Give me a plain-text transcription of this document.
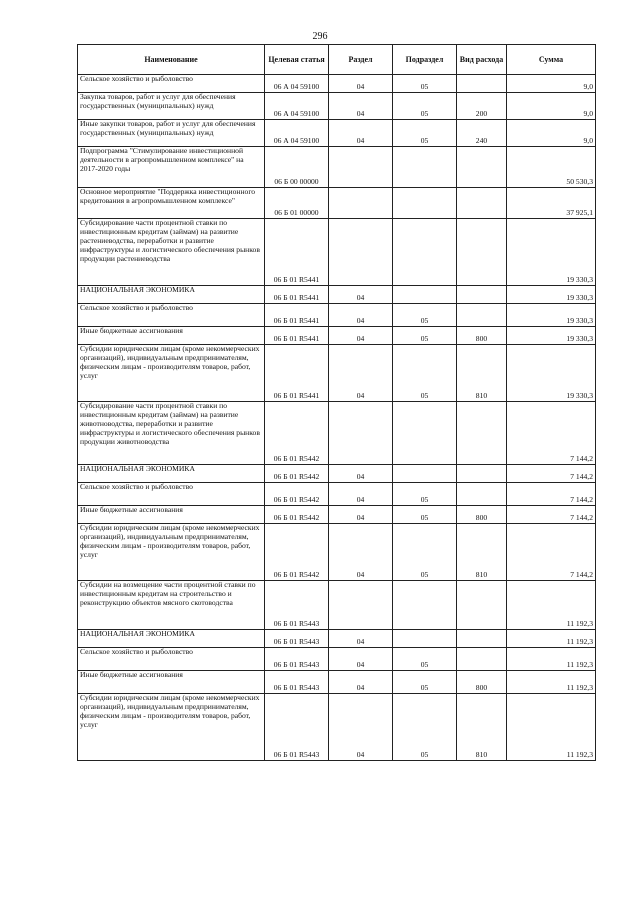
296
Наименование	Целевая статья	Раздел	Подраздел	Вид расхода	Сумма
Сельское хозяйство и рыболовство	06 А 04 59100	04	05		9,0
Закупка товаров, работ и услуг для обеспечения государственных (муниципальных) нужд	06 А 04 59100	04	05	200	9,0
Иные закупки товаров, работ и услуг для обеспечения государственных (муниципальных) нужд	06 А 04 59100	04	05	240	9,0
Подпрограмма "Стимулирование инвестиционной деятельности в агропромышленном комплексе" на 2017-2020 годы	06 Б 00 00000				50 530,3
Основное мероприятие "Поддержка инвестиционного кредитования в агропромышленном комплексе"	06 Б 01 00000				37 925,1
Субсидирование части процентной ставки по инвестиционным кредитам (займам) на развитие растениеводства, переработки и развитие инфраструктуры и логистического обеспечения рынков продукции растениеводства	06 Б 01 R5441				19 330,3
НАЦИОНАЛЬНАЯ ЭКОНОМИКА	06 Б 01 R5441	04			19 330,3
Сельское хозяйство и рыболовство	06 Б 01 R5441	04	05		19 330,3
Иные бюджетные ассигнования	06 Б 01 R5441	04	05	800	19 330,3
Субсидии юридическим лицам (кроме некоммерческих организаций), индивидуальным предпринимателям, физическим лицам - производителям товаров, работ, услуг	06 Б 01 R5441	04	05	810	19 330,3
Субсидирование части процентной ставки по инвестиционным кредитам (займам) на развитие животноводства, переработки и развитие инфраструктуры и логистического обеспечения рынков продукции животноводства	06 Б 01 R5442				7 144,2
НАЦИОНАЛЬНАЯ ЭКОНОМИКА	06 Б 01 R5442	04			7 144,2
Сельское хозяйство и рыболовство	06 Б 01 R5442	04	05		7 144,2
Иные бюджетные ассигнования	06 Б 01 R5442	04	05	800	7 144,2
Субсидии юридическим лицам (кроме некоммерческих организаций), индивидуальным предпринимателям, физическим лицам - производителям товаров, работ, услуг	06 Б 01 R5442	04	05	810	7 144,2
Субсидии на возмещение части процентной ставки по инвестиционным кредитам на строительство и реконструкцию объектов мясного скотоводства	06 Б 01 R5443				11 192,3
НАЦИОНАЛЬНАЯ ЭКОНОМИКА	06 Б 01 R5443	04			11 192,3
Сельское хозяйство и рыболовство	06 Б 01 R5443	04	05		11 192,3
Иные бюджетные ассигнования	06 Б 01 R5443	04	05	800	11 192,3
Субсидии юридическим лицам (кроме некоммерческих организаций), индивидуальным предпринимателям, физическим лицам - производителям товаров, работ, услуг	06 Б 01 R5443	04	05	810	11 192,3
